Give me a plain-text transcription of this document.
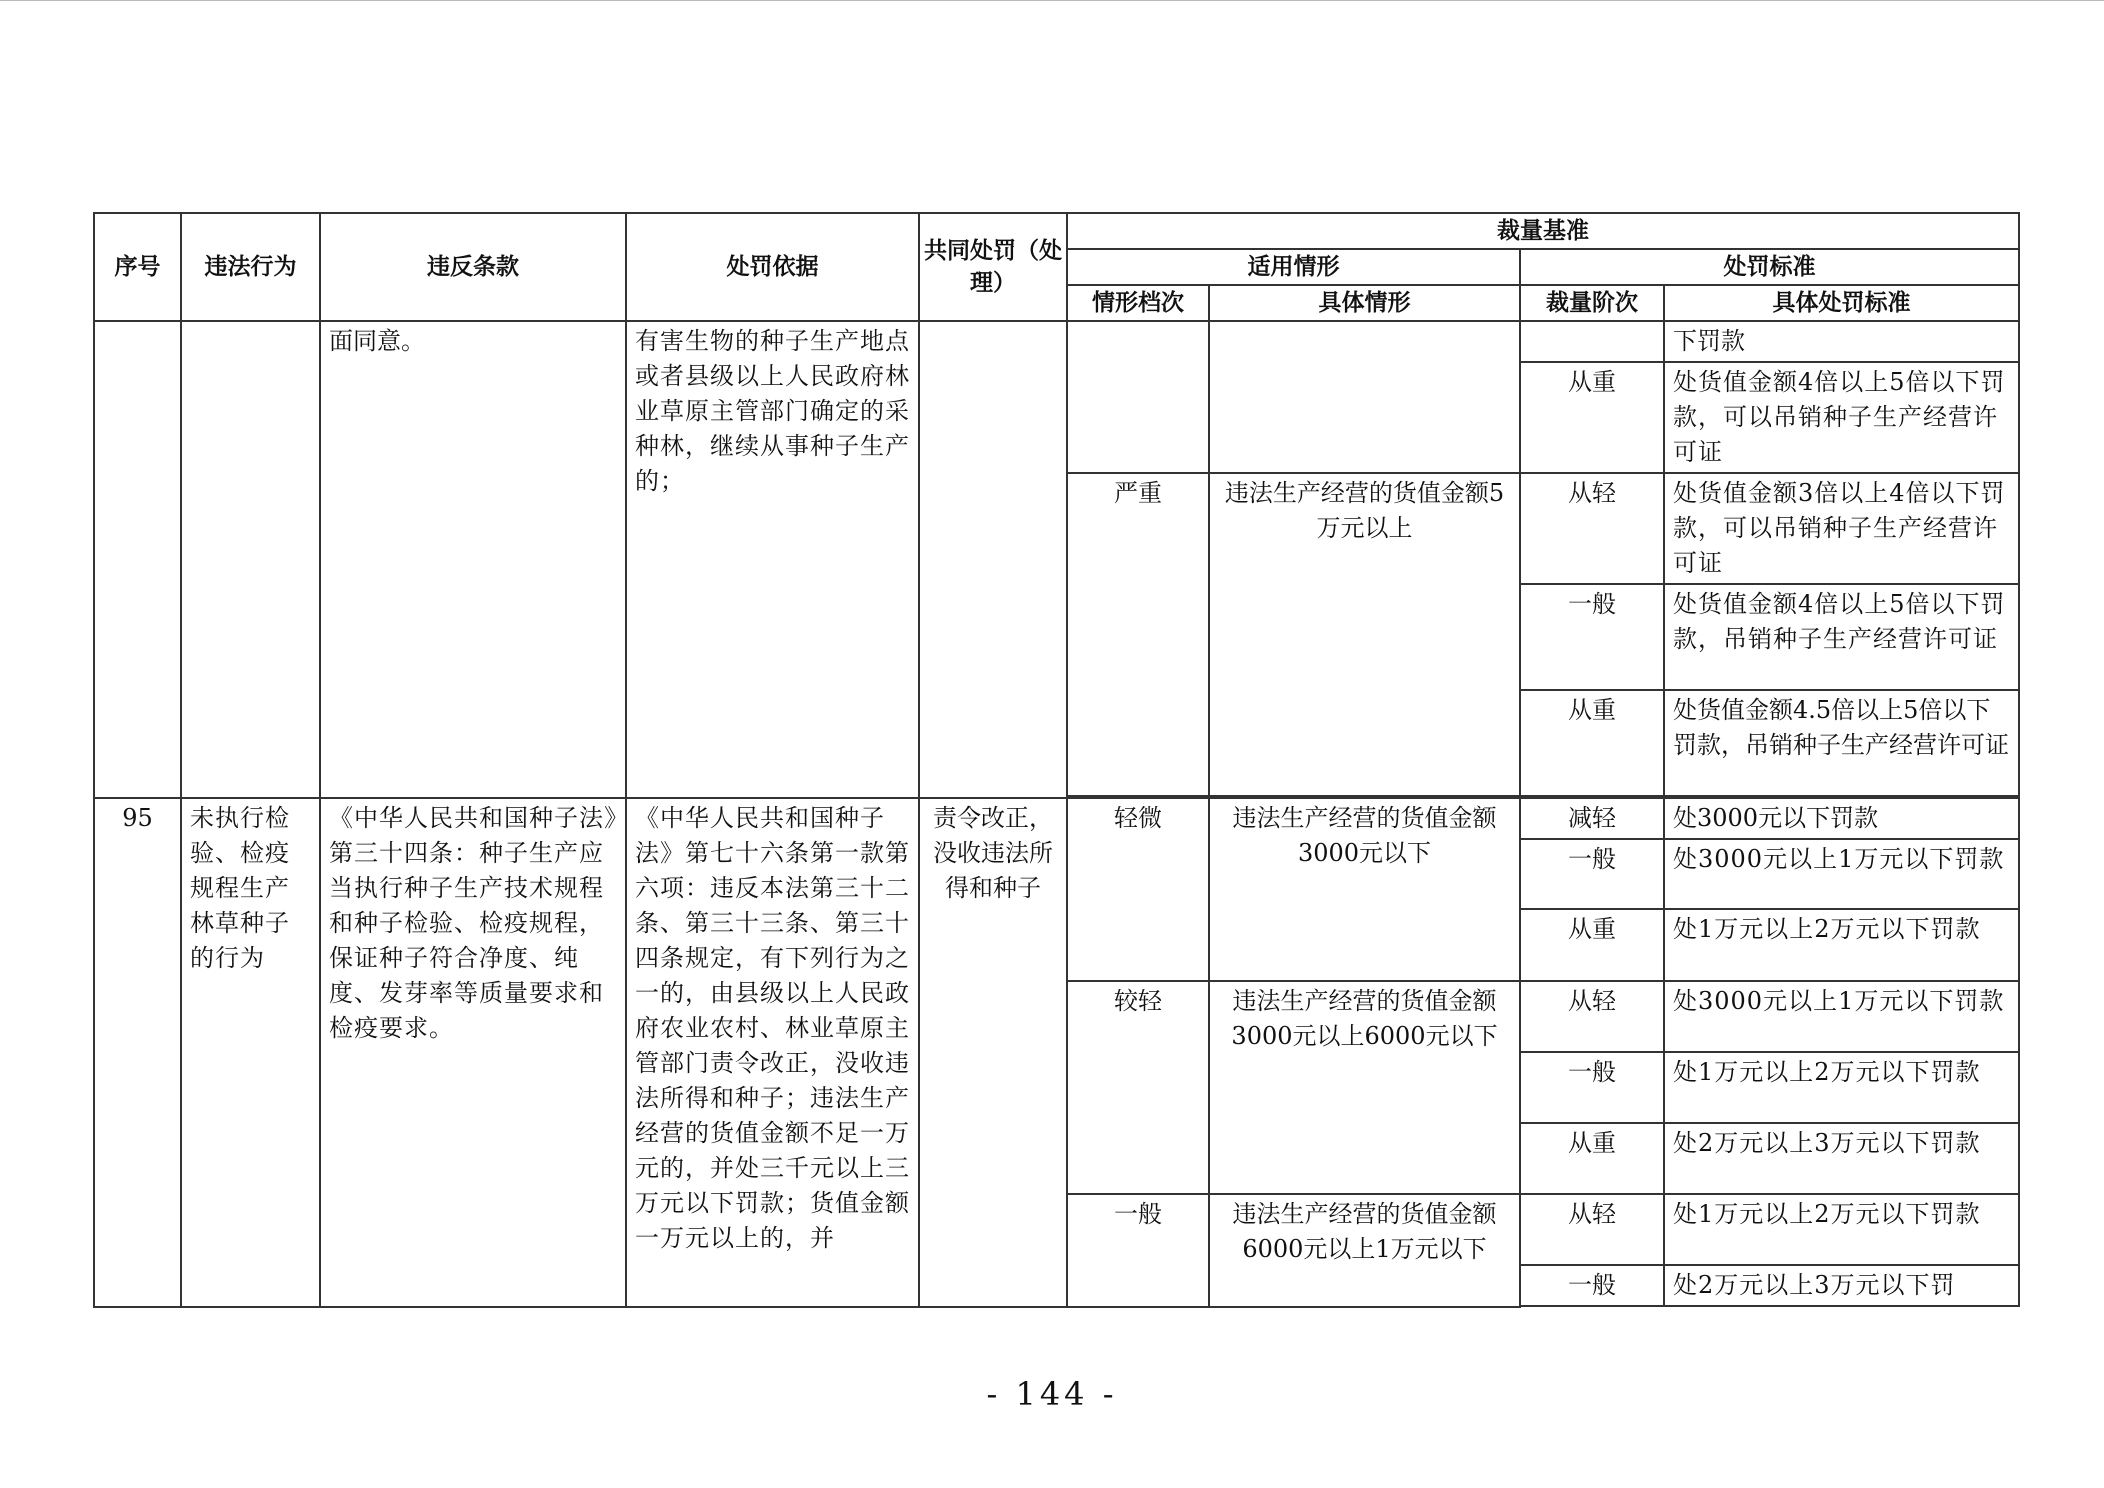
序号	违法行为	违反条款	处罚依据	共同处罚（处理）	裁量基准			
					适用情形		处罚标准	
					情形档次	具体情形	裁量阶次	具体处罚标准
		面同意。	有害生物的种子生产地点或者县级以上人民政府林业草原主管部门确定的采种林，继续从事种子生产的；					下罚款
							从重	处货值金额4倍以上5倍以下罚款，可以吊销种子生产经营许可证
					严重	违法生产经营的货值金额5万元以上	从轻	处货值金额3倍以上4倍以下罚款，可以吊销种子生产经营许可证
							一般	处货值金额4倍以上5倍以下罚款，吊销种子生产经营许可证
							从重	处货值金额4.5倍以上5倍以下罚款，吊销种子生产经营许可证

95	未执行检验、检疫规程生产林草种子的行为	《中华人民共和国种子法》第三十四条：种子生产应当执行种子生产技术规程和种子检验、检疫规程，保证种子符合净度、纯度、发芽率等质量要求和检疫要求。	《中华人民共和国种子法》第七十六条第一款第六项：违反本法第三十二条、第三十三条、第三十四条规定，有下列行为之一的，由县级以上人民政府农业农村、林业草原主管部门责令改正，没收违法所得和种子；违法生产经营的货值金额不足一万元的，并处三千元以上三万元以下罚款；货值金额一万元以上的，并	责令改正，没收违法所得和种子	轻微	违法生产经营的货值金额3000元以下	减轻	处3000元以下罚款
							一般	处3000元以上1万元以下罚款
							从重	处1万元以上2万元以下罚款
					较轻	违法生产经营的货值金额3000元以上6000元以下	从轻	处3000元以上1万元以下罚款
							一般	处1万元以上2万元以下罚款
							从重	处2万元以上3万元以下罚款
					一般	违法生产经营的货值金额6000元以上1万元以下	从轻	处1万元以上2万元以下罚款
							一般	处2万元以上3万元以下罚

- 144 -
